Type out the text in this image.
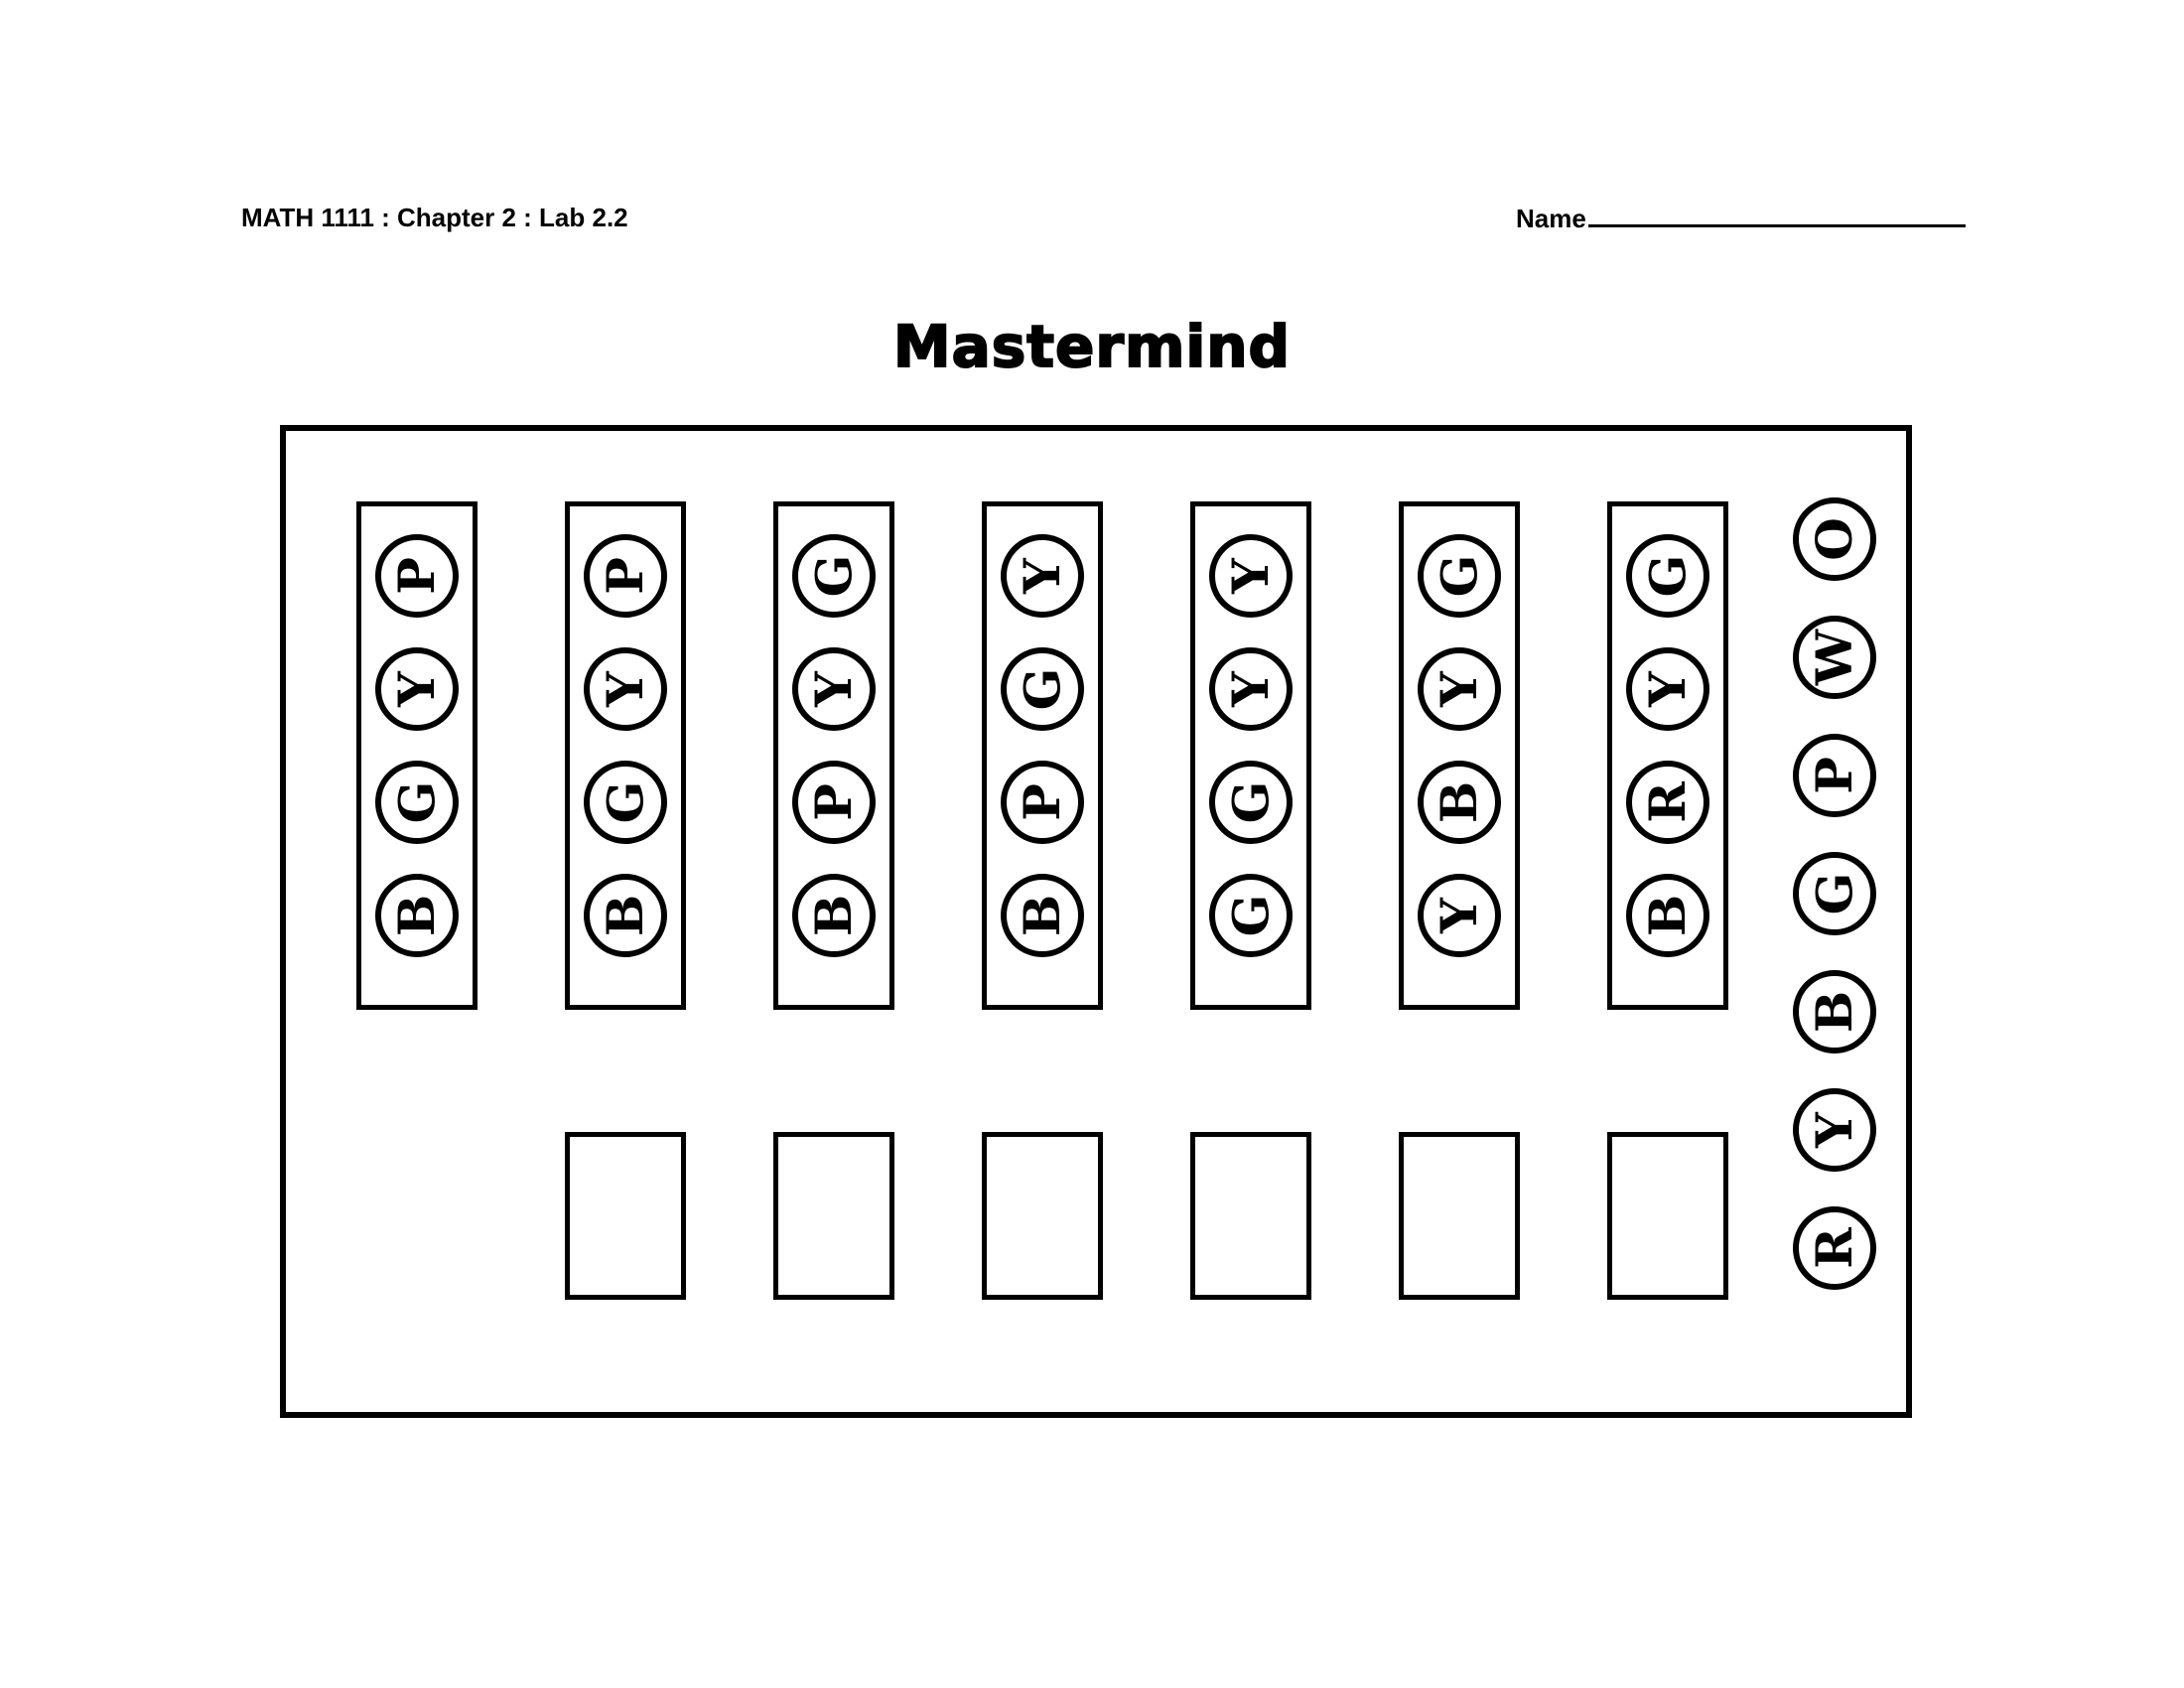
MATH 1111 : Chapter 2 : Lab 2.2	Name
Mastermind
P
Y
G
B
P
Y
G
B
G
Y
P
B
Y
G
P
B
Y
Y
G
G
G
Y
B
Y
G
Y
R
B
O
W
P
G
B
Y
R
